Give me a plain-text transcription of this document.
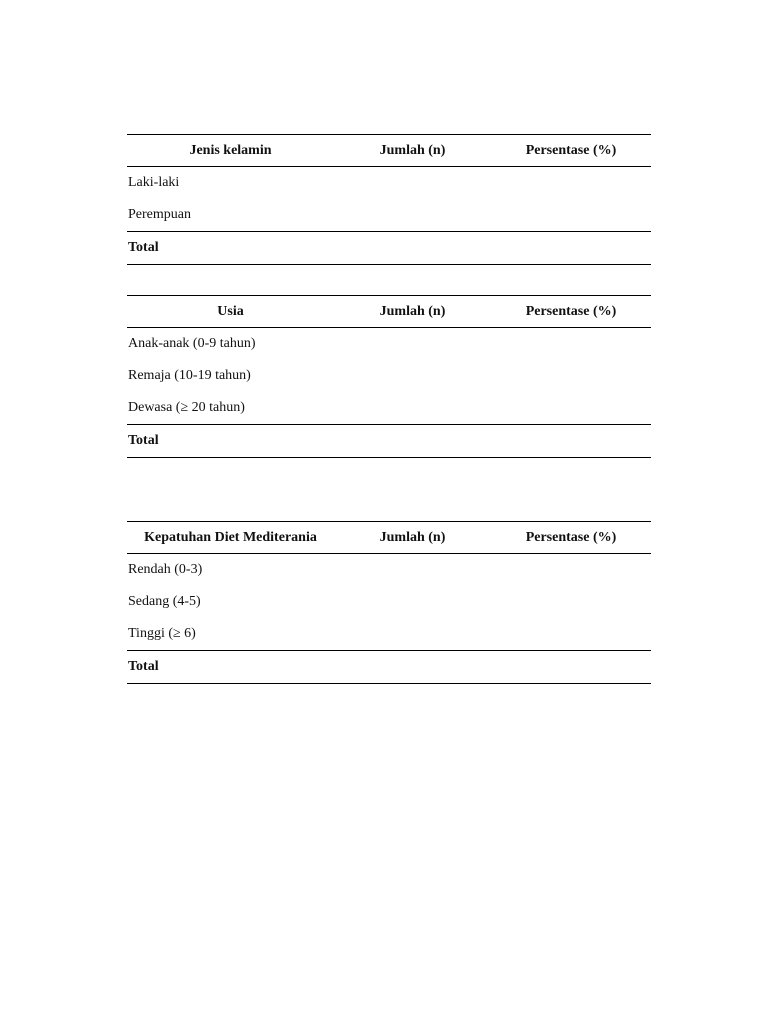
Jenis kelamin	Jumlah (n)	Persentase (%)
Laki-laki		
Perempuan		
Total		
Usia	Jumlah (n)	Persentase (%)
Anak-anak (0-9 tahun)		
Remaja (10-19 tahun)		
Dewasa (≥ 20 tahun)		
Total		
Kepatuhan Diet Mediterania	Jumlah (n)	Persentase (%)
Rendah (0-3)		
Sedang (4-5)		
Tinggi (≥ 6)		
Total		
